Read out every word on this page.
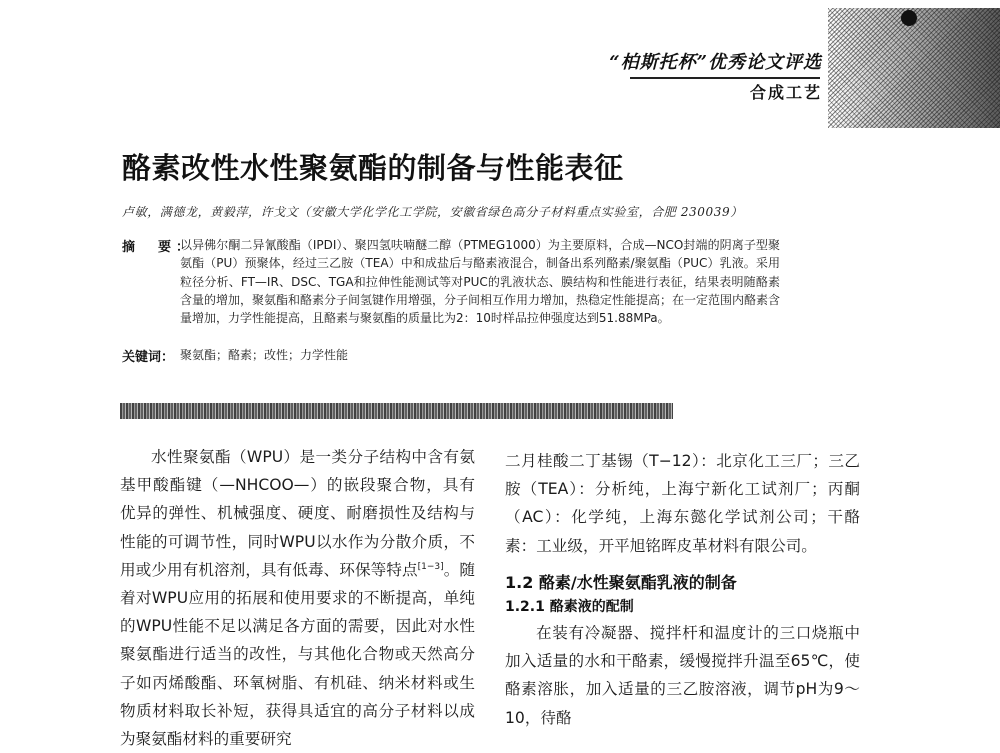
“柏斯托杯”优秀论文评选
合成工艺
酪素改性水性聚氨酯的制备与性能表征
卢敏，满德龙，黄毅萍，许戈文（安徽大学化学化工学院，安徽省绿色高分子材料重点实验室，合肥 230039）
摘　要：
以异佛尔酮二异氰酸酯（IPDI）、聚四氢呋喃醚二醇（PTMEG1000）为主要原料，合成—NCO封端的阴离子型聚氨酯（PU）预聚体，经过三乙胺（TEA）中和成盐后与酪素液混合，制备出系列酪素/聚氨酯（PUC）乳液。采用粒径分析、FT—IR、DSC、TGA和拉伸性能测试等对PUC的乳液状态、膜结构和性能进行表征，结果表明随酪素含量的增加，聚氨酯和酪素分子间氢键作用增强，分子间相互作用力增加，热稳定性能提高；在一定范围内酪素含量增加，力学性能提高，且酪素与聚氨酯的质量比为2：10时样品拉伸强度达到51.88MPa。
关键词： 聚氨酯；酪素；改性；力学性能
水性聚氨酯（WPU）是一类分子结构中含有氨基甲酸酯键（—NHCOO—）的嵌段聚合物，具有优异的弹性、机械强度、硬度、耐磨损性及结构与性能的可调节性，同时WPU以水作为分散介质，不用或少用有机溶剂，具有低毒、环保等特点[1−3]。随着对WPU应用的拓展和使用要求的不断提高，单纯的WPU性能不足以满足各方面的需要，因此对水性聚氨酯进行适当的改性，与其他化合物或天然高分子如丙烯酸酯、环氧树脂、有机硅、纳米材料或生物质材料取长补短，获得具适宜的高分子材料以成为聚氨酯材料的重要研究
二月桂酸二丁基锡（T−12）：北京化工三厂；三乙胺（TEA）：分析纯，上海宁新化工试剂厂；丙酮（AC）：化学纯，上海东懿化学试剂公司；干酪素：工业级，开平旭铭晖皮革材料有限公司。
1.2 酪素/水性聚氨酯乳液的制备
1.2.1 酪素液的配制
在装有冷凝器、搅拌杆和温度计的三口烧瓶中加入适量的水和干酪素，缓慢搅拌升温至65℃，使酪素溶胀，加入适量的三乙胺溶液，调节pH为9～10，待酪
